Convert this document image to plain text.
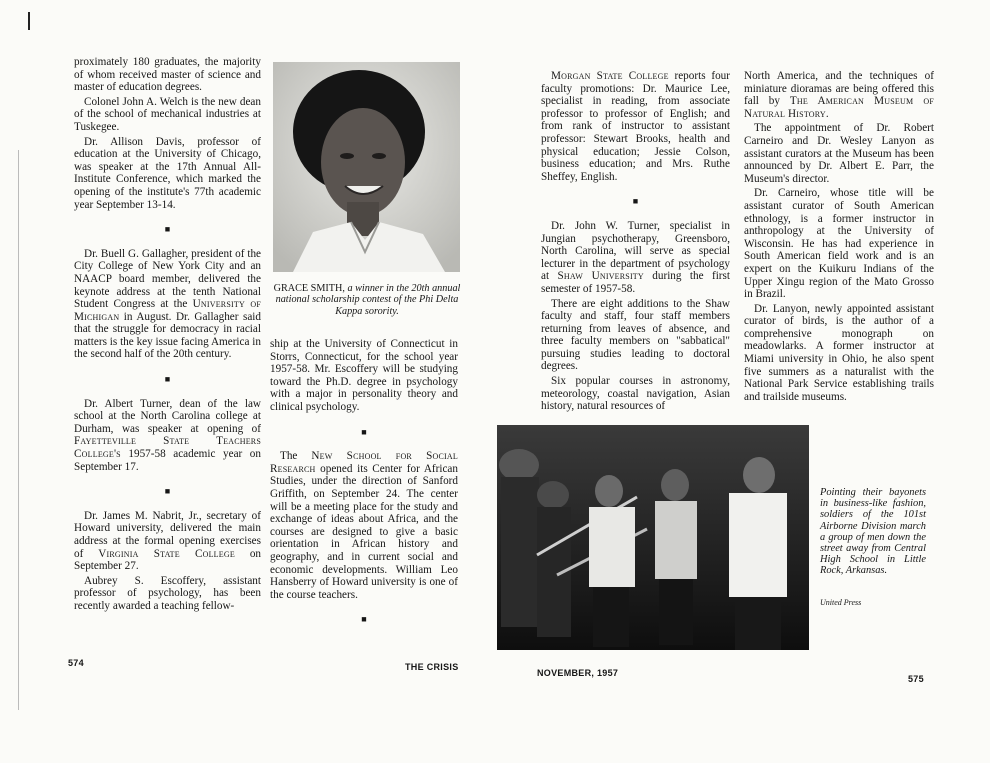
proximately 180 graduates, the majority of whom received master of science and master of education degrees.

Colonel John A. Welch is the new dean of the school of mechanical industries at Tuskegee.

Dr. Allison Davis, professor of education at the University of Chicago, was speaker at the 17th Annual All-Institute Conference, which marked the opening of the institute's 77th academic year September 13-14.

■

Dr. Buell G. Gallagher, president of the City College of New York City and an NAACP board member, delivered the keynote address at the tenth National Student Congress at the University of Michigan in August. Dr. Gallagher said that the struggle for democracy in racial matters is the key issue facing America in the second half of the 20th century.

■

Dr. Albert Turner, dean of the law school at the North Carolina college at Durham, was speaker at opening of Fayetteville State Teachers College's 1957-58 academic year on September 17.

■

Dr. James M. Nabrit, Jr., secretary of Howard university, delivered the main address at the formal opening exercises of Virginia State College on September 27.

Aubrey S. Escoffery, assistant professor of psychology, has been recently awarded a teaching fellow-

GRACE SMITH, a winner in the 20th annual national scholarship contest of the Phi Delta Kappa sorority.

ship at the University of Connecticut in Storrs, Connecticut, for the school year 1957-58. Mr. Escoffery will be studying toward the Ph.D. degree in psychology with a major in personality theory and clinical psychology.

■

The New School for Social Research opened its Center for African Studies, under the direction of Sanford Griffith, on September 24. The center will be a meeting place for the study and exchange of ideas about Africa, and the courses are designed to give a basic orientation in African history and geography, and in current social and economic developments. William Leo Hansberry of Howard university is one of the course teachers.

■
574	THE CRISIS

Morgan State College reports four faculty promotions: Dr. Maurice Lee, specialist in reading, from associate professor to professor of English; and from rank of instructor to assistant professor: Stewart Brooks, health and physical education; Jessie Colson, business education; and Mrs. Ruthe Sheffey, English.

■

Dr. John W. Turner, specialist in Jungian psychotherapy, Greensboro, North Carolina, will serve as special lecturer in the department of psychology at Shaw University during the first semester of 1957-58.

There are eight additions to the Shaw faculty and staff, four staff members returning from leaves of absence, and three faculty members on "sabbatical" pursuing studies leading to doctoral degrees.

Six popular courses in astronomy, meteorology, coastal navigation, Asian history, natural resources of

North America, and the techniques of miniature dioramas are being offered this fall by The American Museum of Natural History.

The appointment of Dr. Robert Carneiro and Dr. Wesley Lanyon as assistant curators at the Museum has been announced by Dr. Albert E. Parr, the Museum's director.

Dr. Carneiro, whose title will be assistant curator of South American ethnology, is a former instructor in anthropology at the University of Wisconsin. He has had experience in South American field work and is an expert on the Kuikuru Indians of the Upper Xingu region of the Mato Grosso in Brazil.

Dr. Lanyon, newly appointed assistant curator of birds, is the author of a comprehensive monograph on meadowlarks. A former instructor at Miami university in Ohio, he also spent five summers as a naturalist with the National Park Service establishing trails and trailside museums.

Pointing their bayonets in business-like fashion, soldiers of the 101st Airborne Division march a group of men down the street away from Central High School in Little Rock, Arkansas.
United Press
NOVEMBER, 1957
575
